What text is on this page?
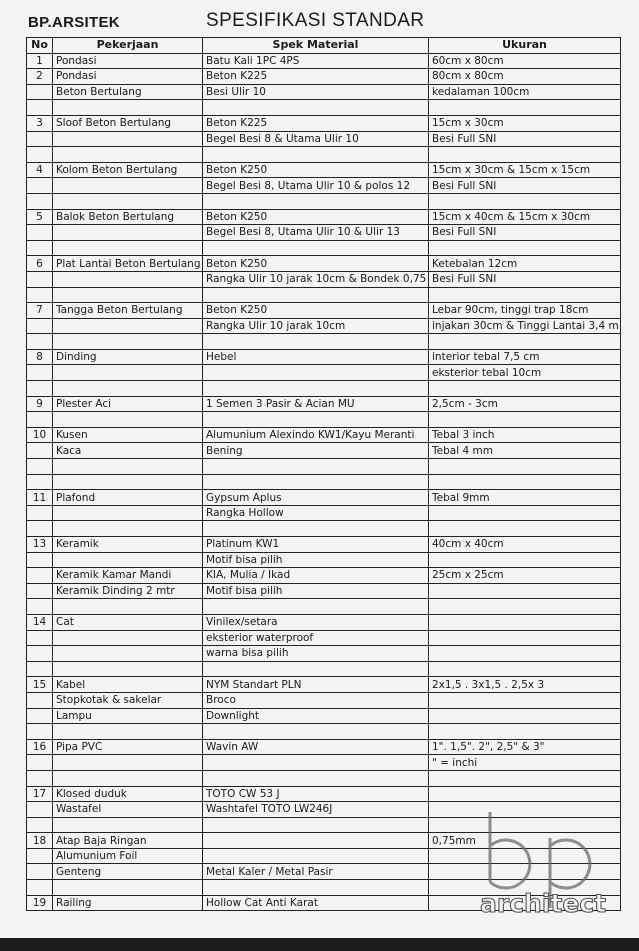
BP.ARSITEK	SPESIFIKASI STANDAR
No	Pekerjaan	Spek Material	Ukuran
1	Pondasi	Batu Kali 1PC 4PS	60cm x 80cm
2	Pondasi	Beton K225	80cm x 80cm
	Beton Bertulang	Besi Ulir 10	kedalaman 100cm

3	Sloof Beton Bertulang	Beton K225	15cm x 30cm
		Begel Besi 8 & Utama Ulir 10	Besi Full SNI

4	Kolom Beton Bertulang	Beton K250	15cm x 30cm & 15cm x 15cm
		Begel Besi 8, Utama Ulir 10 & polos 12	Besi Full SNI

5	Balok Beton Bertulang	Beton K250	15cm x 40cm & 15cm x 30cm
		Begel Besi 8, Utama Ulir 10 & Ulir 13	Besi Full SNI

6	Plat Lantai Beton Bertulang	Beton K250	Ketebalan 12cm
		Rangka Ulir 10 jarak 10cm & Bondek 0,75	Besi Full SNI

7	Tangga Beton Bertulang	Beton K250	Lebar 90cm, tinggi trap 18cm
		Rangka Ulir 10 jarak 10cm	injakan 30cm & Tinggi Lantai 3,4 m

8	Dinding	Hebel	interior tebal 7,5 cm
			eksterior tebal 10cm

9	Plester Aci	1 Semen 3 Pasir & Acian MU	2,5cm - 3cm

10	Kusen	Alumunium Alexindo KW1/Kayu Meranti	Tebal 3 inch
	Kaca	Bening	Tebal 4 mm

11	Plafond	Gypsum Aplus	Tebal 9mm
		Rangka Hollow	

13	Keramik	Platinum KW1	40cm x 40cm
		Motif bisa pilih	
	Keramik Kamar Mandi	KIA, Mulia / Ikad	25cm x 25cm
	Keramik Dinding 2 mtr	Motif bisa pilih	

14	Cat	Vinilex/setara	
		eksterior waterproof	
		warna bisa pilih	

15	Kabel	NYM Standart PLN	2x1,5 . 3x1,5 . 2,5x 3
	Stopkotak & sakelar	Broco	
	Lampu	Downlight	

16	Pipa PVC	Wavin AW	1". 1,5". 2", 2,5" & 3"
			" = inchi

17	Klosed duduk	TOTO CW 53 J	
	Wastafel	Washtafel TOTO LW246J	

18	Atap Baja Ringan		0,75mm
	Alumunium Foil		
	Genteng	Metal Kaler / Metal Pasir	

19	Railing	Hollow Cat Anti Karat		architect
bp
